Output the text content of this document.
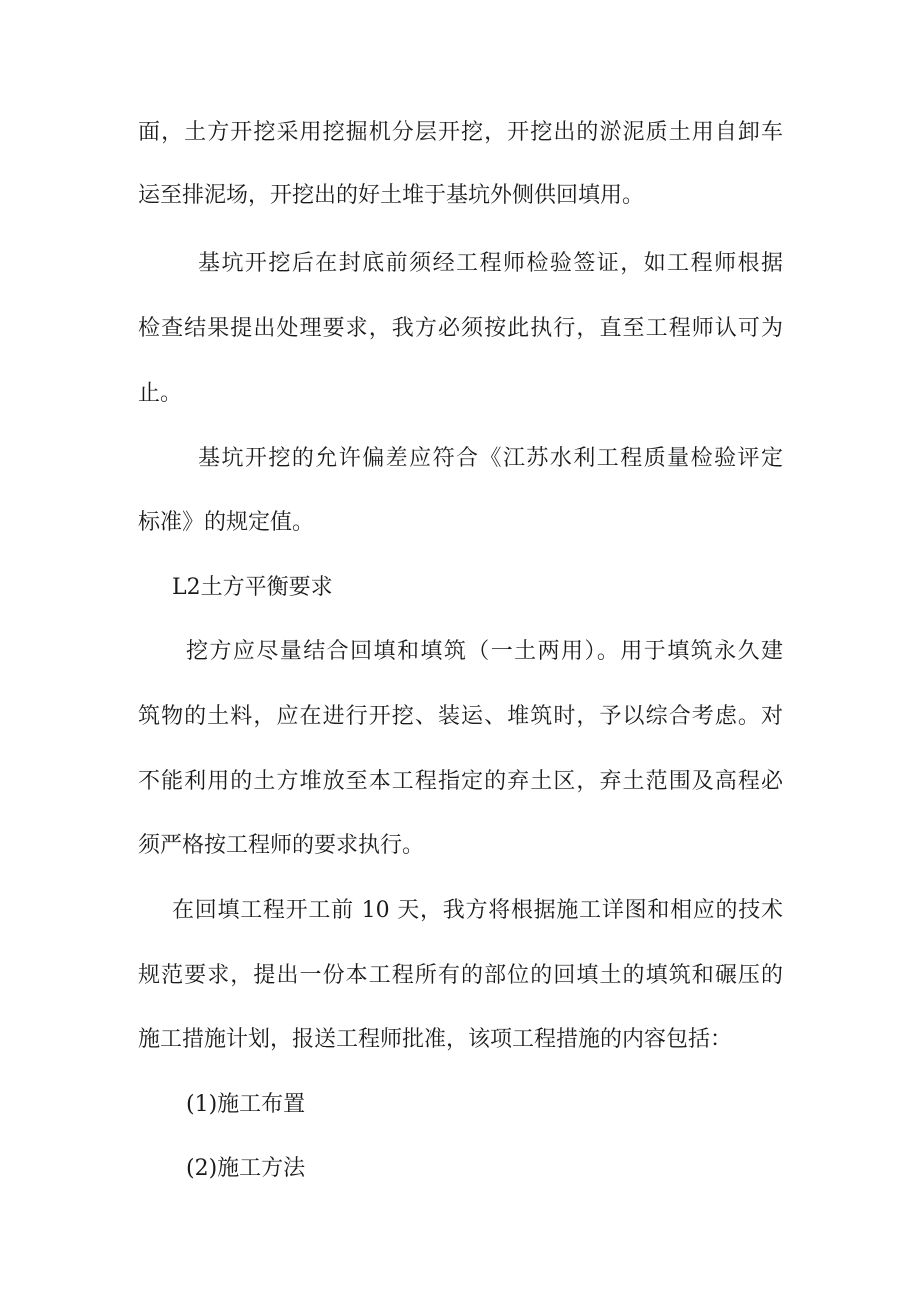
面，土方开挖采用挖掘机分层开挖，开挖出的淤泥质土用自卸车

运至排泥场，开挖出的好土堆于基坑外侧供回填用。

基坑开挖后在封底前须经工程师检验签证，如工程师根据

检查结果提出处理要求，我方必须按此执行，直至工程师认可为

止。

基坑开挖的允许偏差应符合《江苏水利工程质量检验评定

标准》的规定值。

L2土方平衡要求

挖方应尽量结合回填和填筑（一土两用）。用于填筑永久建

筑物的土料，应在进行开挖、装运、堆筑时，予以综合考虑。对

不能利用的土方堆放至本工程指定的弃土区，弃土范围及高程必

须严格按工程师的要求执行。

在回填工程开工前 10 天，我方将根据施工详图和相应的技术

规范要求，提出一份本工程所有的部位的回填土的填筑和碾压的

施工措施计划，报送工程师批准，该项工程措施的内容包括：

(1)施工布置

(2)施工方法
